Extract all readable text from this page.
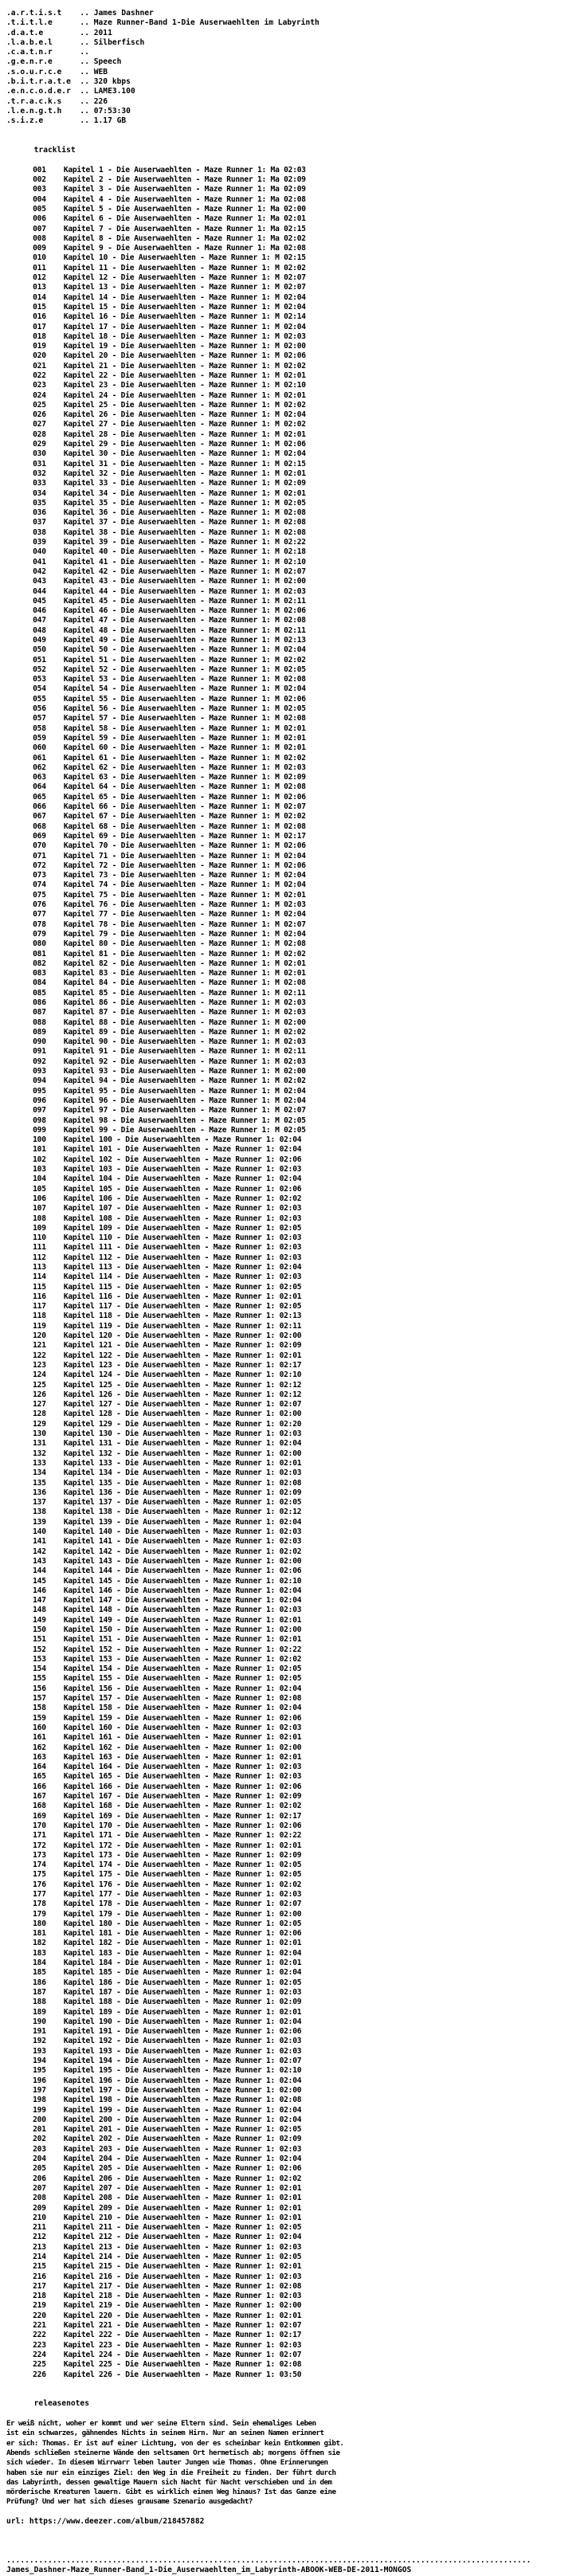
.a.r.t.i.s.t    .. James Dashner
.t.i.t.l.e      .. Maze Runner-Band 1-Die Auserwaehlten im Labyrinth
.d.a.t.e        .. 2011
.l.a.b.e.l      .. Silberfisch
.c.a.t.n.r      ..
.g.e.n.r.e      .. Speech
.s.o.u.r.c.e    .. WEB
.b.i.t.r.a.t.e  .. 320 kbps
.e.n.c.o.d.e.r  .. LAME3.100
.t.r.a.c.k.s    .. 226
.l.e.n.g.t.h    .. 07:53:30
.s.i.z.e        .. 1.17 GB

tracklist

001 Kapitel 1 - Die Auserwaehlten - Maze Runner 1: Ma 02:03
002 Kapitel 2 - Die Auserwaehlten - Maze Runner 1: Ma 02:09
003 Kapitel 3 - Die Auserwaehlten - Maze Runner 1: Ma 02:09
004 Kapitel 4 - Die Auserwaehlten - Maze Runner 1: Ma 02:08
005 Kapitel 5 - Die Auserwaehlten - Maze Runner 1: Ma 02:00
006 Kapitel 6 - Die Auserwaehlten - Maze Runner 1: Ma 02:01
007 Kapitel 7 - Die Auserwaehlten - Maze Runner 1: Ma 02:15
008 Kapitel 8 - Die Auserwaehlten - Maze Runner 1: Ma 02:02
009 Kapitel 9 - Die Auserwaehlten - Maze Runner 1: Ma 02:08
010 Kapitel 10 - Die Auserwaehlten - Maze Runner 1: M 02:15
011 Kapitel 11 - Die Auserwaehlten - Maze Runner 1: M 02:02
012 Kapitel 12 - Die Auserwaehlten - Maze Runner 1: M 02:07
013 Kapitel 13 - Die Auserwaehlten - Maze Runner 1: M 02:07
014 Kapitel 14 - Die Auserwaehlten - Maze Runner 1: M 02:04
015 Kapitel 15 - Die Auserwaehlten - Maze Runner 1: M 02:04
016 Kapitel 16 - Die Auserwaehlten - Maze Runner 1: M 02:14
017 Kapitel 17 - Die Auserwaehlten - Maze Runner 1: M 02:04
018 Kapitel 18 - Die Auserwaehlten - Maze Runner 1: M 02:03
019 Kapitel 19 - Die Auserwaehlten - Maze Runner 1: M 02:00
020 Kapitel 20 - Die Auserwaehlten - Maze Runner 1: M 02:06
021 Kapitel 21 - Die Auserwaehlten - Maze Runner 1: M 02:02
022 Kapitel 22 - Die Auserwaehlten - Maze Runner 1: M 02:01
023 Kapitel 23 - Die Auserwaehlten - Maze Runner 1: M 02:10
024 Kapitel 24 - Die Auserwaehlten - Maze Runner 1: M 02:01
025 Kapitel 25 - Die Auserwaehlten - Maze Runner 1: M 02:02
026 Kapitel 26 - Die Auserwaehlten - Maze Runner 1: M 02:04
027 Kapitel 27 - Die Auserwaehlten - Maze Runner 1: M 02:02
028 Kapitel 28 - Die Auserwaehlten - Maze Runner 1: M 02:01
029 Kapitel 29 - Die Auserwaehlten - Maze Runner 1: M 02:06
030 Kapitel 30 - Die Auserwaehlten - Maze Runner 1: M 02:04
031 Kapitel 31 - Die Auserwaehlten - Maze Runner 1: M 02:15
032 Kapitel 32 - Die Auserwaehlten - Maze Runner 1: M 02:01
033 Kapitel 33 - Die Auserwaehlten - Maze Runner 1: M 02:09
034 Kapitel 34 - Die Auserwaehlten - Maze Runner 1: M 02:01
035 Kapitel 35 - Die Auserwaehlten - Maze Runner 1: M 02:05
036 Kapitel 36 - Die Auserwaehlten - Maze Runner 1: M 02:08
037 Kapitel 37 - Die Auserwaehlten - Maze Runner 1: M 02:08
038 Kapitel 38 - Die Auserwaehlten - Maze Runner 1: M 02:08
039 Kapitel 39 - Die Auserwaehlten - Maze Runner 1: M 02:22
040 Kapitel 40 - Die Auserwaehlten - Maze Runner 1: M 02:18
041 Kapitel 41 - Die Auserwaehlten - Maze Runner 1: M 02:10
042 Kapitel 42 - Die Auserwaehlten - Maze Runner 1: M 02:07
043 Kapitel 43 - Die Auserwaehlten - Maze Runner 1: M 02:00
044 Kapitel 44 - Die Auserwaehlten - Maze Runner 1: M 02:03
045 Kapitel 45 - Die Auserwaehlten - Maze Runner 1: M 02:11
046 Kapitel 46 - Die Auserwaehlten - Maze Runner 1: M 02:06
047 Kapitel 47 - Die Auserwaehlten - Maze Runner 1: M 02:08
048 Kapitel 48 - Die Auserwaehlten - Maze Runner 1: M 02:11
049 Kapitel 49 - Die Auserwaehlten - Maze Runner 1: M 02:13
050 Kapitel 50 - Die Auserwaehlten - Maze Runner 1: M 02:04
051 Kapitel 51 - Die Auserwaehlten - Maze Runner 1: M 02:02
052 Kapitel 52 - Die Auserwaehlten - Maze Runner 1: M 02:05
053 Kapitel 53 - Die Auserwaehlten - Maze Runner 1: M 02:08
054 Kapitel 54 - Die Auserwaehlten - Maze Runner 1: M 02:04
055 Kapitel 55 - Die Auserwaehlten - Maze Runner 1: M 02:06
056 Kapitel 56 - Die Auserwaehlten - Maze Runner 1: M 02:05
057 Kapitel 57 - Die Auserwaehlten - Maze Runner 1: M 02:08
058 Kapitel 58 - Die Auserwaehlten - Maze Runner 1: M 02:01
059 Kapitel 59 - Die Auserwaehlten - Maze Runner 1: M 02:01
060 Kapitel 60 - Die Auserwaehlten - Maze Runner 1: M 02:01
061 Kapitel 61 - Die Auserwaehlten - Maze Runner 1: M 02:02
062 Kapitel 62 - Die Auserwaehlten - Maze Runner 1: M 02:03
063 Kapitel 63 - Die Auserwaehlten - Maze Runner 1: M 02:09
064 Kapitel 64 - Die Auserwaehlten - Maze Runner 1: M 02:08
065 Kapitel 65 - Die Auserwaehlten - Maze Runner 1: M 02:06
066 Kapitel 66 - Die Auserwaehlten - Maze Runner 1: M 02:07
067 Kapitel 67 - Die Auserwaehlten - Maze Runner 1: M 02:02
068 Kapitel 68 - Die Auserwaehlten - Maze Runner 1: M 02:08
069 Kapitel 69 - Die Auserwaehlten - Maze Runner 1: M 02:17
070 Kapitel 70 - Die Auserwaehlten - Maze Runner 1: M 02:06
071 Kapitel 71 - Die Auserwaehlten - Maze Runner 1: M 02:04
072 Kapitel 72 - Die Auserwaehlten - Maze Runner 1: M 02:06
073 Kapitel 73 - Die Auserwaehlten - Maze Runner 1: M 02:04
074 Kapitel 74 - Die Auserwaehlten - Maze Runner 1: M 02:04
075 Kapitel 75 - Die Auserwaehlten - Maze Runner 1: M 02:01
076 Kapitel 76 - Die Auserwaehlten - Maze Runner 1: M 02:03
077 Kapitel 77 - Die Auserwaehlten - Maze Runner 1: M 02:04
078 Kapitel 78 - Die Auserwaehlten - Maze Runner 1: M 02:07
079 Kapitel 79 - Die Auserwaehlten - Maze Runner 1: M 02:04
080 Kapitel 80 - Die Auserwaehlten - Maze Runner 1: M 02:08
081 Kapitel 81 - Die Auserwaehlten - Maze Runner 1: M 02:02
082 Kapitel 82 - Die Auserwaehlten - Maze Runner 1: M 02:01
083 Kapitel 83 - Die Auserwaehlten - Maze Runner 1: M 02:01
084 Kapitel 84 - Die Auserwaehlten - Maze Runner 1: M 02:08
085 Kapitel 85 - Die Auserwaehlten - Maze Runner 1: M 02:11
086 Kapitel 86 - Die Auserwaehlten - Maze Runner 1: M 02:03
087 Kapitel 87 - Die Auserwaehlten - Maze Runner 1: M 02:03
088 Kapitel 88 - Die Auserwaehlten - Maze Runner 1: M 02:00
089 Kapitel 89 - Die Auserwaehlten - Maze Runner 1: M 02:02
090 Kapitel 90 - Die Auserwaehlten - Maze Runner 1: M 02:03
091 Kapitel 91 - Die Auserwaehlten - Maze Runner 1: M 02:11
092 Kapitel 92 - Die Auserwaehlten - Maze Runner 1: M 02:03
093 Kapitel 93 - Die Auserwaehlten - Maze Runner 1: M 02:00
094 Kapitel 94 - Die Auserwaehlten - Maze Runner 1: M 02:02
095 Kapitel 95 - Die Auserwaehlten - Maze Runner 1: M 02:04
096 Kapitel 96 - Die Auserwaehlten - Maze Runner 1: M 02:04
097 Kapitel 97 - Die Auserwaehlten - Maze Runner 1: M 02:07
098 Kapitel 98 - Die Auserwaehlten - Maze Runner 1: M 02:05
099 Kapitel 99 - Die Auserwaehlten - Maze Runner 1: M 02:05
100 Kapitel 100 - Die Auserwaehlten - Maze Runner 1: 02:04
101 Kapitel 101 - Die Auserwaehlten - Maze Runner 1: 02:04
102 Kapitel 102 - Die Auserwaehlten - Maze Runner 1: 02:06
103 Kapitel 103 - Die Auserwaehlten - Maze Runner 1: 02:03
104 Kapitel 104 - Die Auserwaehlten - Maze Runner 1: 02:04
105 Kapitel 105 - Die Auserwaehlten - Maze Runner 1: 02:06
106 Kapitel 106 - Die Auserwaehlten - Maze Runner 1: 02:02
107 Kapitel 107 - Die Auserwaehlten - Maze Runner 1: 02:03
108 Kapitel 108 - Die Auserwaehlten - Maze Runner 1: 02:03
109 Kapitel 109 - Die Auserwaehlten - Maze Runner 1: 02:05
110 Kapitel 110 - Die Auserwaehlten - Maze Runner 1: 02:03
111 Kapitel 111 - Die Auserwaehlten - Maze Runner 1: 02:03
112 Kapitel 112 - Die Auserwaehlten - Maze Runner 1: 02:03
113 Kapitel 113 - Die Auserwaehlten - Maze Runner 1: 02:04
114 Kapitel 114 - Die Auserwaehlten - Maze Runner 1: 02:03
115 Kapitel 115 - Die Auserwaehlten - Maze Runner 1: 02:05
116 Kapitel 116 - Die Auserwaehlten - Maze Runner 1: 02:01
117 Kapitel 117 - Die Auserwaehlten - Maze Runner 1: 02:05
118 Kapitel 118 - Die Auserwaehlten - Maze Runner 1: 02:13
119 Kapitel 119 - Die Auserwaehlten - Maze Runner 1: 02:11
120 Kapitel 120 - Die Auserwaehlten - Maze Runner 1: 02:00
121 Kapitel 121 - Die Auserwaehlten - Maze Runner 1: 02:09
122 Kapitel 122 - Die Auserwaehlten - Maze Runner 1: 02:01
123 Kapitel 123 - Die Auserwaehlten - Maze Runner 1: 02:17
124 Kapitel 124 - Die Auserwaehlten - Maze Runner 1: 02:10
125 Kapitel 125 - Die Auserwaehlten - Maze Runner 1: 02:12
126 Kapitel 126 - Die Auserwaehlten - Maze Runner 1: 02:12
127 Kapitel 127 - Die Auserwaehlten - Maze Runner 1: 02:07
128 Kapitel 128 - Die Auserwaehlten - Maze Runner 1: 02:00
129 Kapitel 129 - Die Auserwaehlten - Maze Runner 1: 02:20
130 Kapitel 130 - Die Auserwaehlten - Maze Runner 1: 02:03
131 Kapitel 131 - Die Auserwaehlten - Maze Runner 1: 02:04
132 Kapitel 132 - Die Auserwaehlten - Maze Runner 1: 02:00
133 Kapitel 133 - Die Auserwaehlten - Maze Runner 1: 02:01
134 Kapitel 134 - Die Auserwaehlten - Maze Runner 1: 02:03
135 Kapitel 135 - Die Auserwaehlten - Maze Runner 1: 02:08
136 Kapitel 136 - Die Auserwaehlten - Maze Runner 1: 02:09
137 Kapitel 137 - Die Auserwaehlten - Maze Runner 1: 02:05
138 Kapitel 138 - Die Auserwaehlten - Maze Runner 1: 02:12
139 Kapitel 139 - Die Auserwaehlten - Maze Runner 1: 02:04
140 Kapitel 140 - Die Auserwaehlten - Maze Runner 1: 02:03
141 Kapitel 141 - Die Auserwaehlten - Maze Runner 1: 02:03
142 Kapitel 142 - Die Auserwaehlten - Maze Runner 1: 02:02
143 Kapitel 143 - Die Auserwaehlten - Maze Runner 1: 02:00
144 Kapitel 144 - Die Auserwaehlten - Maze Runner 1: 02:06
145 Kapitel 145 - Die Auserwaehlten - Maze Runner 1: 02:10
146 Kapitel 146 - Die Auserwaehlten - Maze Runner 1: 02:04
147 Kapitel 147 - Die Auserwaehlten - Maze Runner 1: 02:04
148 Kapitel 148 - Die Auserwaehlten - Maze Runner 1: 02:03
149 Kapitel 149 - Die Auserwaehlten - Maze Runner 1: 02:01
150 Kapitel 150 - Die Auserwaehlten - Maze Runner 1: 02:00
151 Kapitel 151 - Die Auserwaehlten - Maze Runner 1: 02:01
152 Kapitel 152 - Die Auserwaehlten - Maze Runner 1: 02:22
153 Kapitel 153 - Die Auserwaehlten - Maze Runner 1: 02:02
154 Kapitel 154 - Die Auserwaehlten - Maze Runner 1: 02:05
155 Kapitel 155 - Die Auserwaehlten - Maze Runner 1: 02:05
156 Kapitel 156 - Die Auserwaehlten - Maze Runner 1: 02:04
157 Kapitel 157 - Die Auserwaehlten - Maze Runner 1: 02:08
158 Kapitel 158 - Die Auserwaehlten - Maze Runner 1: 02:04
159 Kapitel 159 - Die Auserwaehlten - Maze Runner 1: 02:06
160 Kapitel 160 - Die Auserwaehlten - Maze Runner 1: 02:03
161 Kapitel 161 - Die Auserwaehlten - Maze Runner 1: 02:01
162 Kapitel 162 - Die Auserwaehlten - Maze Runner 1: 02:00
163 Kapitel 163 - Die Auserwaehlten - Maze Runner 1: 02:01
164 Kapitel 164 - Die Auserwaehlten - Maze Runner 1: 02:03
165 Kapitel 165 - Die Auserwaehlten - Maze Runner 1: 02:03
166 Kapitel 166 - Die Auserwaehlten - Maze Runner 1: 02:06
167 Kapitel 167 - Die Auserwaehlten - Maze Runner 1: 02:09
168 Kapitel 168 - Die Auserwaehlten - Maze Runner 1: 02:02
169 Kapitel 169 - Die Auserwaehlten - Maze Runner 1: 02:17
170 Kapitel 170 - Die Auserwaehlten - Maze Runner 1: 02:06
171 Kapitel 171 - Die Auserwaehlten - Maze Runner 1: 02:22
172 Kapitel 172 - Die Auserwaehlten - Maze Runner 1: 02:01
173 Kapitel 173 - Die Auserwaehlten - Maze Runner 1: 02:09
174 Kapitel 174 - Die Auserwaehlten - Maze Runner 1: 02:05
175 Kapitel 175 - Die Auserwaehlten - Maze Runner 1: 02:05
176 Kapitel 176 - Die Auserwaehlten - Maze Runner 1: 02:02
177 Kapitel 177 - Die Auserwaehlten - Maze Runner 1: 02:03
178 Kapitel 178 - Die Auserwaehlten - Maze Runner 1: 02:07
179 Kapitel 179 - Die Auserwaehlten - Maze Runner 1: 02:00
180 Kapitel 180 - Die Auserwaehlten - Maze Runner 1: 02:05
181 Kapitel 181 - Die Auserwaehlten - Maze Runner 1: 02:06
182 Kapitel 182 - Die Auserwaehlten - Maze Runner 1: 02:01
183 Kapitel 183 - Die Auserwaehlten - Maze Runner 1: 02:04
184 Kapitel 184 - Die Auserwaehlten - Maze Runner 1: 02:01
185 Kapitel 185 - Die Auserwaehlten - Maze Runner 1: 02:04
186 Kapitel 186 - Die Auserwaehlten - Maze Runner 1: 02:05
187 Kapitel 187 - Die Auserwaehlten - Maze Runner 1: 02:03
188 Kapitel 188 - Die Auserwaehlten - Maze Runner 1: 02:09
189 Kapitel 189 - Die Auserwaehlten - Maze Runner 1: 02:01
190 Kapitel 190 - Die Auserwaehlten - Maze Runner 1: 02:04
191 Kapitel 191 - Die Auserwaehlten - Maze Runner 1: 02:06
192 Kapitel 192 - Die Auserwaehlten - Maze Runner 1: 02:03
193 Kapitel 193 - Die Auserwaehlten - Maze Runner 1: 02:03
194 Kapitel 194 - Die Auserwaehlten - Maze Runner 1: 02:07
195 Kapitel 195 - Die Auserwaehlten - Maze Runner 1: 02:10
196 Kapitel 196 - Die Auserwaehlten - Maze Runner 1: 02:04
197 Kapitel 197 - Die Auserwaehlten - Maze Runner 1: 02:00
198 Kapitel 198 - Die Auserwaehlten - Maze Runner 1: 02:08
199 Kapitel 199 - Die Auserwaehlten - Maze Runner 1: 02:04
200 Kapitel 200 - Die Auserwaehlten - Maze Runner 1: 02:04
201 Kapitel 201 - Die Auserwaehlten - Maze Runner 1: 02:05
202 Kapitel 202 - Die Auserwaehlten - Maze Runner 1: 02:09
203 Kapitel 203 - Die Auserwaehlten - Maze Runner 1: 02:03
204 Kapitel 204 - Die Auserwaehlten - Maze Runner 1: 02:04
205 Kapitel 205 - Die Auserwaehlten - Maze Runner 1: 02:06
206 Kapitel 206 - Die Auserwaehlten - Maze Runner 1: 02:02
207 Kapitel 207 - Die Auserwaehlten - Maze Runner 1: 02:01
208 Kapitel 208 - Die Auserwaehlten - Maze Runner 1: 02:01
209 Kapitel 209 - Die Auserwaehlten - Maze Runner 1: 02:01
210 Kapitel 210 - Die Auserwaehlten - Maze Runner 1: 02:01
211 Kapitel 211 - Die Auserwaehlten - Maze Runner 1: 02:05
212 Kapitel 212 - Die Auserwaehlten - Maze Runner 1: 02:04
213 Kapitel 213 - Die Auserwaehlten - Maze Runner 1: 02:03
214 Kapitel 214 - Die Auserwaehlten - Maze Runner 1: 02:05
215 Kapitel 215 - Die Auserwaehlten - Maze Runner 1: 02:01
216 Kapitel 216 - Die Auserwaehlten - Maze Runner 1: 02:03
217 Kapitel 217 - Die Auserwaehlten - Maze Runner 1: 02:08
218 Kapitel 218 - Die Auserwaehlten - Maze Runner 1: 02:03
219 Kapitel 219 - Die Auserwaehlten - Maze Runner 1: 02:00
220 Kapitel 220 - Die Auserwaehlten - Maze Runner 1: 02:01
221 Kapitel 221 - Die Auserwaehlten - Maze Runner 1: 02:07
222 Kapitel 222 - Die Auserwaehlten - Maze Runner 1: 02:17
223 Kapitel 223 - Die Auserwaehlten - Maze Runner 1: 02:03
224 Kapitel 224 - Die Auserwaehlten - Maze Runner 1: 02:07
225 Kapitel 225 - Die Auserwaehlten - Maze Runner 1: 02:08
226 Kapitel 226 - Die Auserwaehlten - Maze Runner 1: 03:50

releasenotes

Er weiß nicht, woher er kommt und wer seine Eltern sind. Sein ehemaliges Leben
ist ein schwarzes, gähnendes Nichts in seinem Hirn. Nur an seinen Namen erinnert
er sich: Thomas. Er ist auf einer Lichtung, von der es scheinbar kein Entkommen gibt.
Abends schließen steinerne Wände den seltsamen Ort hermetisch ab; morgens öffnen sie
sich wieder. In diesem Wirrwarr leben lauter Jungen wie Thomas. Ohne Erinnerungen
haben sie nur ein einziges Ziel: den Weg in die Freiheit zu finden. Der führt durch
das Labyrinth, dessen gewaltige Mauern sich Nacht für Nacht verschieben und in dem
mörderische Kreaturen lauern. Gibt es wirklich einen Weg hinaus? Ist das Ganze eine
Prüfung? Und wer hat sich dieses grausame Szenario ausgedacht?

url: https://www.deezer.com/album/218457882

..................................................................................................................
James_Dashner-Maze_Runner-Band_1-Die_Auserwaehlten_im_Labyrinth-ABOOK-WEB-DE-2011-MONGOS
